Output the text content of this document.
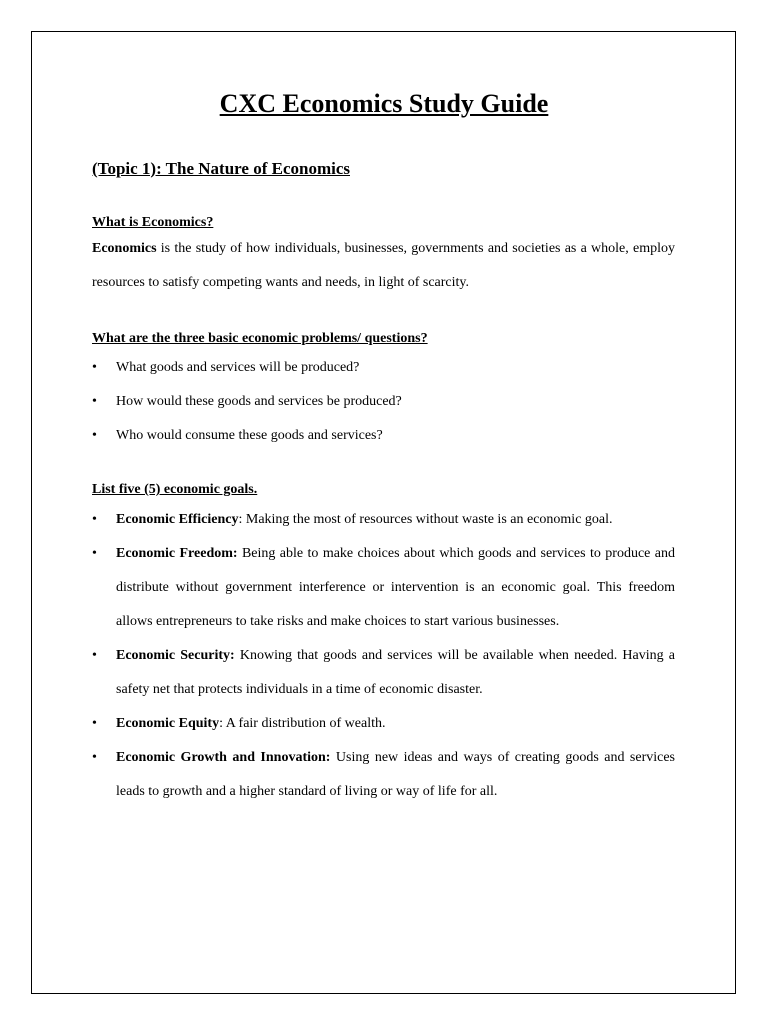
CXC Economics Study Guide
(Topic 1): The Nature of Economics
What is Economics?
Economics is the study of how individuals, businesses, governments and societies as a whole, employ resources to satisfy competing wants and needs, in light of scarcity.
What are the three basic economic problems/ questions?
• What goods and services will be produced?
• How would these goods and services be produced?
• Who would consume these goods and services?
List five (5) economic goals.
• Economic Efficiency: Making the most of resources without waste is an economic goal.
• Economic Freedom: Being able to make choices about which goods and services to produce and distribute without government interference or intervention is an economic goal. This freedom allows entrepreneurs to take risks and make choices to start various businesses.
• Economic Security: Knowing that goods and services will be available when needed. Having a safety net that protects individuals in a time of economic disaster.
• Economic Equity: A fair distribution of wealth.
• Economic Growth and Innovation: Using new ideas and ways of creating goods and services leads to growth and a higher standard of living or way of life for all.
